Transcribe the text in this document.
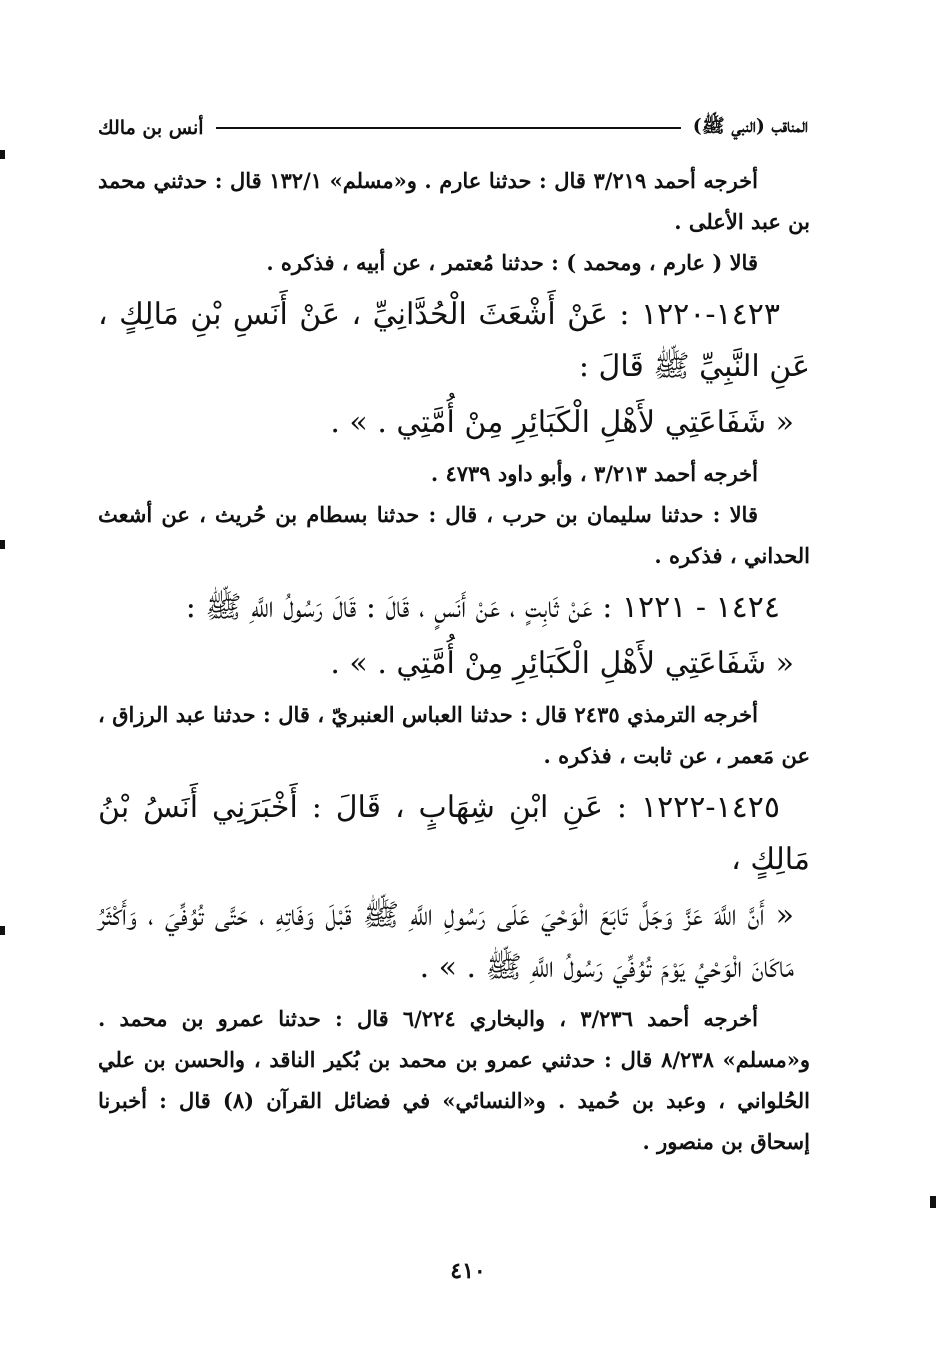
المناقب (النبي ﷺ)
أنس بن مالك

أخرجه أحمد ٣/٢١٩ قال : حدثنا عارم . و«مسلم» ١٣٢/١ قال : حدثني محمد بن عبد الأعلى .

قالا ( عارم ، ومحمد ) : حدثنا مُعتمر ، عن أبيه ، فذكره .

١٤٢٣-١٢٢٠ : عَنْ أَشْعَثَ الْحُدَّانِيِّ ، عَنْ أَنَسِ بْنِ مَالِكٍ ، عَنِ النَّبِيِّ ﷺ قَالَ :

« شَفَاعَتِي لأَهْلِ الْكَبَائِرِ مِنْ أُمَّتِي . » .

أخرجه أحمد ٣/٢١٣ ، وأبو داود ٤٧٣٩ .

قالا : حدثنا سليمان بن حرب ، قال : حدثنا بسطام بن حُريث ، عن أشعث الحداني ، فذكره .

١٤٢٤ - ١٢٢١ : عَنْ ثَابِتٍ ، عَنْ أَنَسٍ ، قَالَ : قَالَ رَسُولُ اللَّهِ ﷺ :

« شَفَاعَتِي لأَهْلِ الْكَبَائِرِ مِنْ أُمَّتِي . » .

أخرجه الترمذي ٢٤٣٥ قال : حدثنا العباس العنبريّ ، قال : حدثنا عبد الرزاق ، عن مَعمر ، عن ثابت ، فذكره .

١٤٢٥-١٢٢٢ : عَنِ ابْنِ شِهَابٍ ، قَالَ : أَخْبَرَنِي أَنَسُ بْنُ مَالِكٍ ،

« أَنَّ اللَّهَ عَزَّ وَجَلَّ تَابَعَ الْوَحْيَ عَلَى رَسُولِ اللَّهِ ﷺ قَبْلَ وَفَاتِهِ ، حَتَّى تُوُفِّيَ ، وَأَكْثَرُ مَاكَانَ الْوَحْيُ يَوْمَ تُوُفِّيَ رَسُولُ اللَّهِ ﷺ . » .

أخرجه أحمد ٣/٢٣٦ ، والبخاري ٦/٢٢٤ قال : حدثنا عمرو بن محمد . و«مسلم» ٨/٢٣٨ قال : حدثني عمرو بن محمد بن بُكير الناقد ، والحسن بن علي الحُلواني ، وعبد بن حُميد . و«النسائي» في فضائل القرآن (٨) قال : أخبرنا إسحاق بن منصور .

٤١٠
